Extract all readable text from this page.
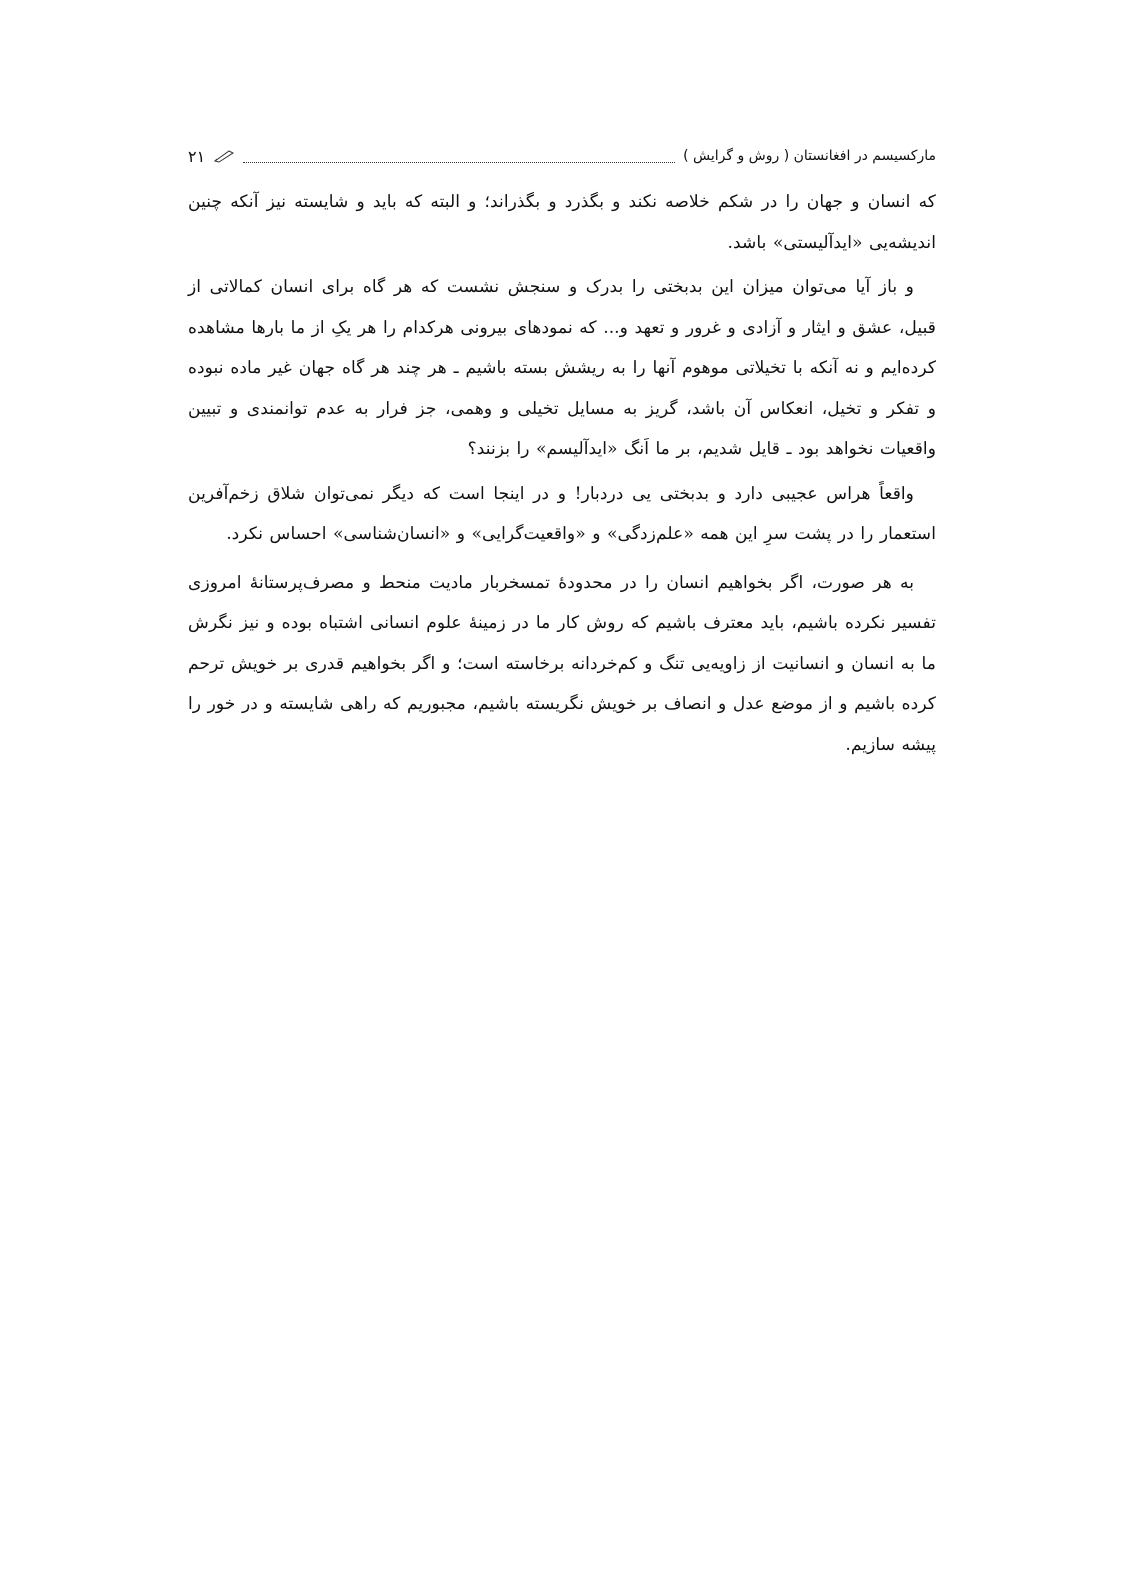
مارکسیسم در افغانستان ( روش و گرایش )
۲۱

که انسان و جهان را در شکم خلاصه نکند و بگذرد و بگذراند؛ و البته که باید و شایسته نیز آنکه چنین اندیشه‌یی «ایدآلیستی» باشد.

و باز آیا می‌توان میزان این بدبختی را بدرک و سنجش نشست که هر گاه برای انسان کمالاتی از قبیل، عشق و ایثار و آزادی و غرور و تعهد و... که نمودهای بیرونی هرکدام را هر یکِ از ما بارها مشاهده کرده‌ایم و نه آنکه با تخیلاتی موهوم آنها را به ریشش بسته باشیم ـ هر چند هر گاه جهان غیر ماده نبوده و تفکر و تخیل، انعکاس آن باشد، گریز به مسایل تخیلی و وهمی، جز فرار به عدم توانمندی و تبیین واقعیات نخواهد بود ـ قایل شدیم، بر ما اَنگ «ایدآلیسم» را بزنند؟

واقعاً هراس عجیبی دارد و بدبختی یی دردبار! و در اینجا است که دیگر نمی‌توان شلاق زخم‌آفرین استعمار را در پشت سرِ این همه «علم‌زدگی» و «واقعیت‌گرایی» و «انسان‌شناسی» احساس نکرد.

به هر صورت، اگر بخواهیم انسان را در محدودهٔ تمسخربار مادیت منحط و مصرف‌پرستانهٔ امروزی تفسیر نکرده باشیم، باید معترف باشیم که روش کار ما در زمینهٔ علوم انسانی اشتباه بوده و نیز نگرش ما به انسان و انسانیت از زاویه‌یی تنگ و کم‌خردانه برخاسته است؛ و اگر بخواهیم قدری بر خویش ترحم کرده باشیم و از موضع عدل و انصاف بر خویش نگریسته باشیم، مجبوریم که راهی شایسته و در خور را پیشه سازیم.
